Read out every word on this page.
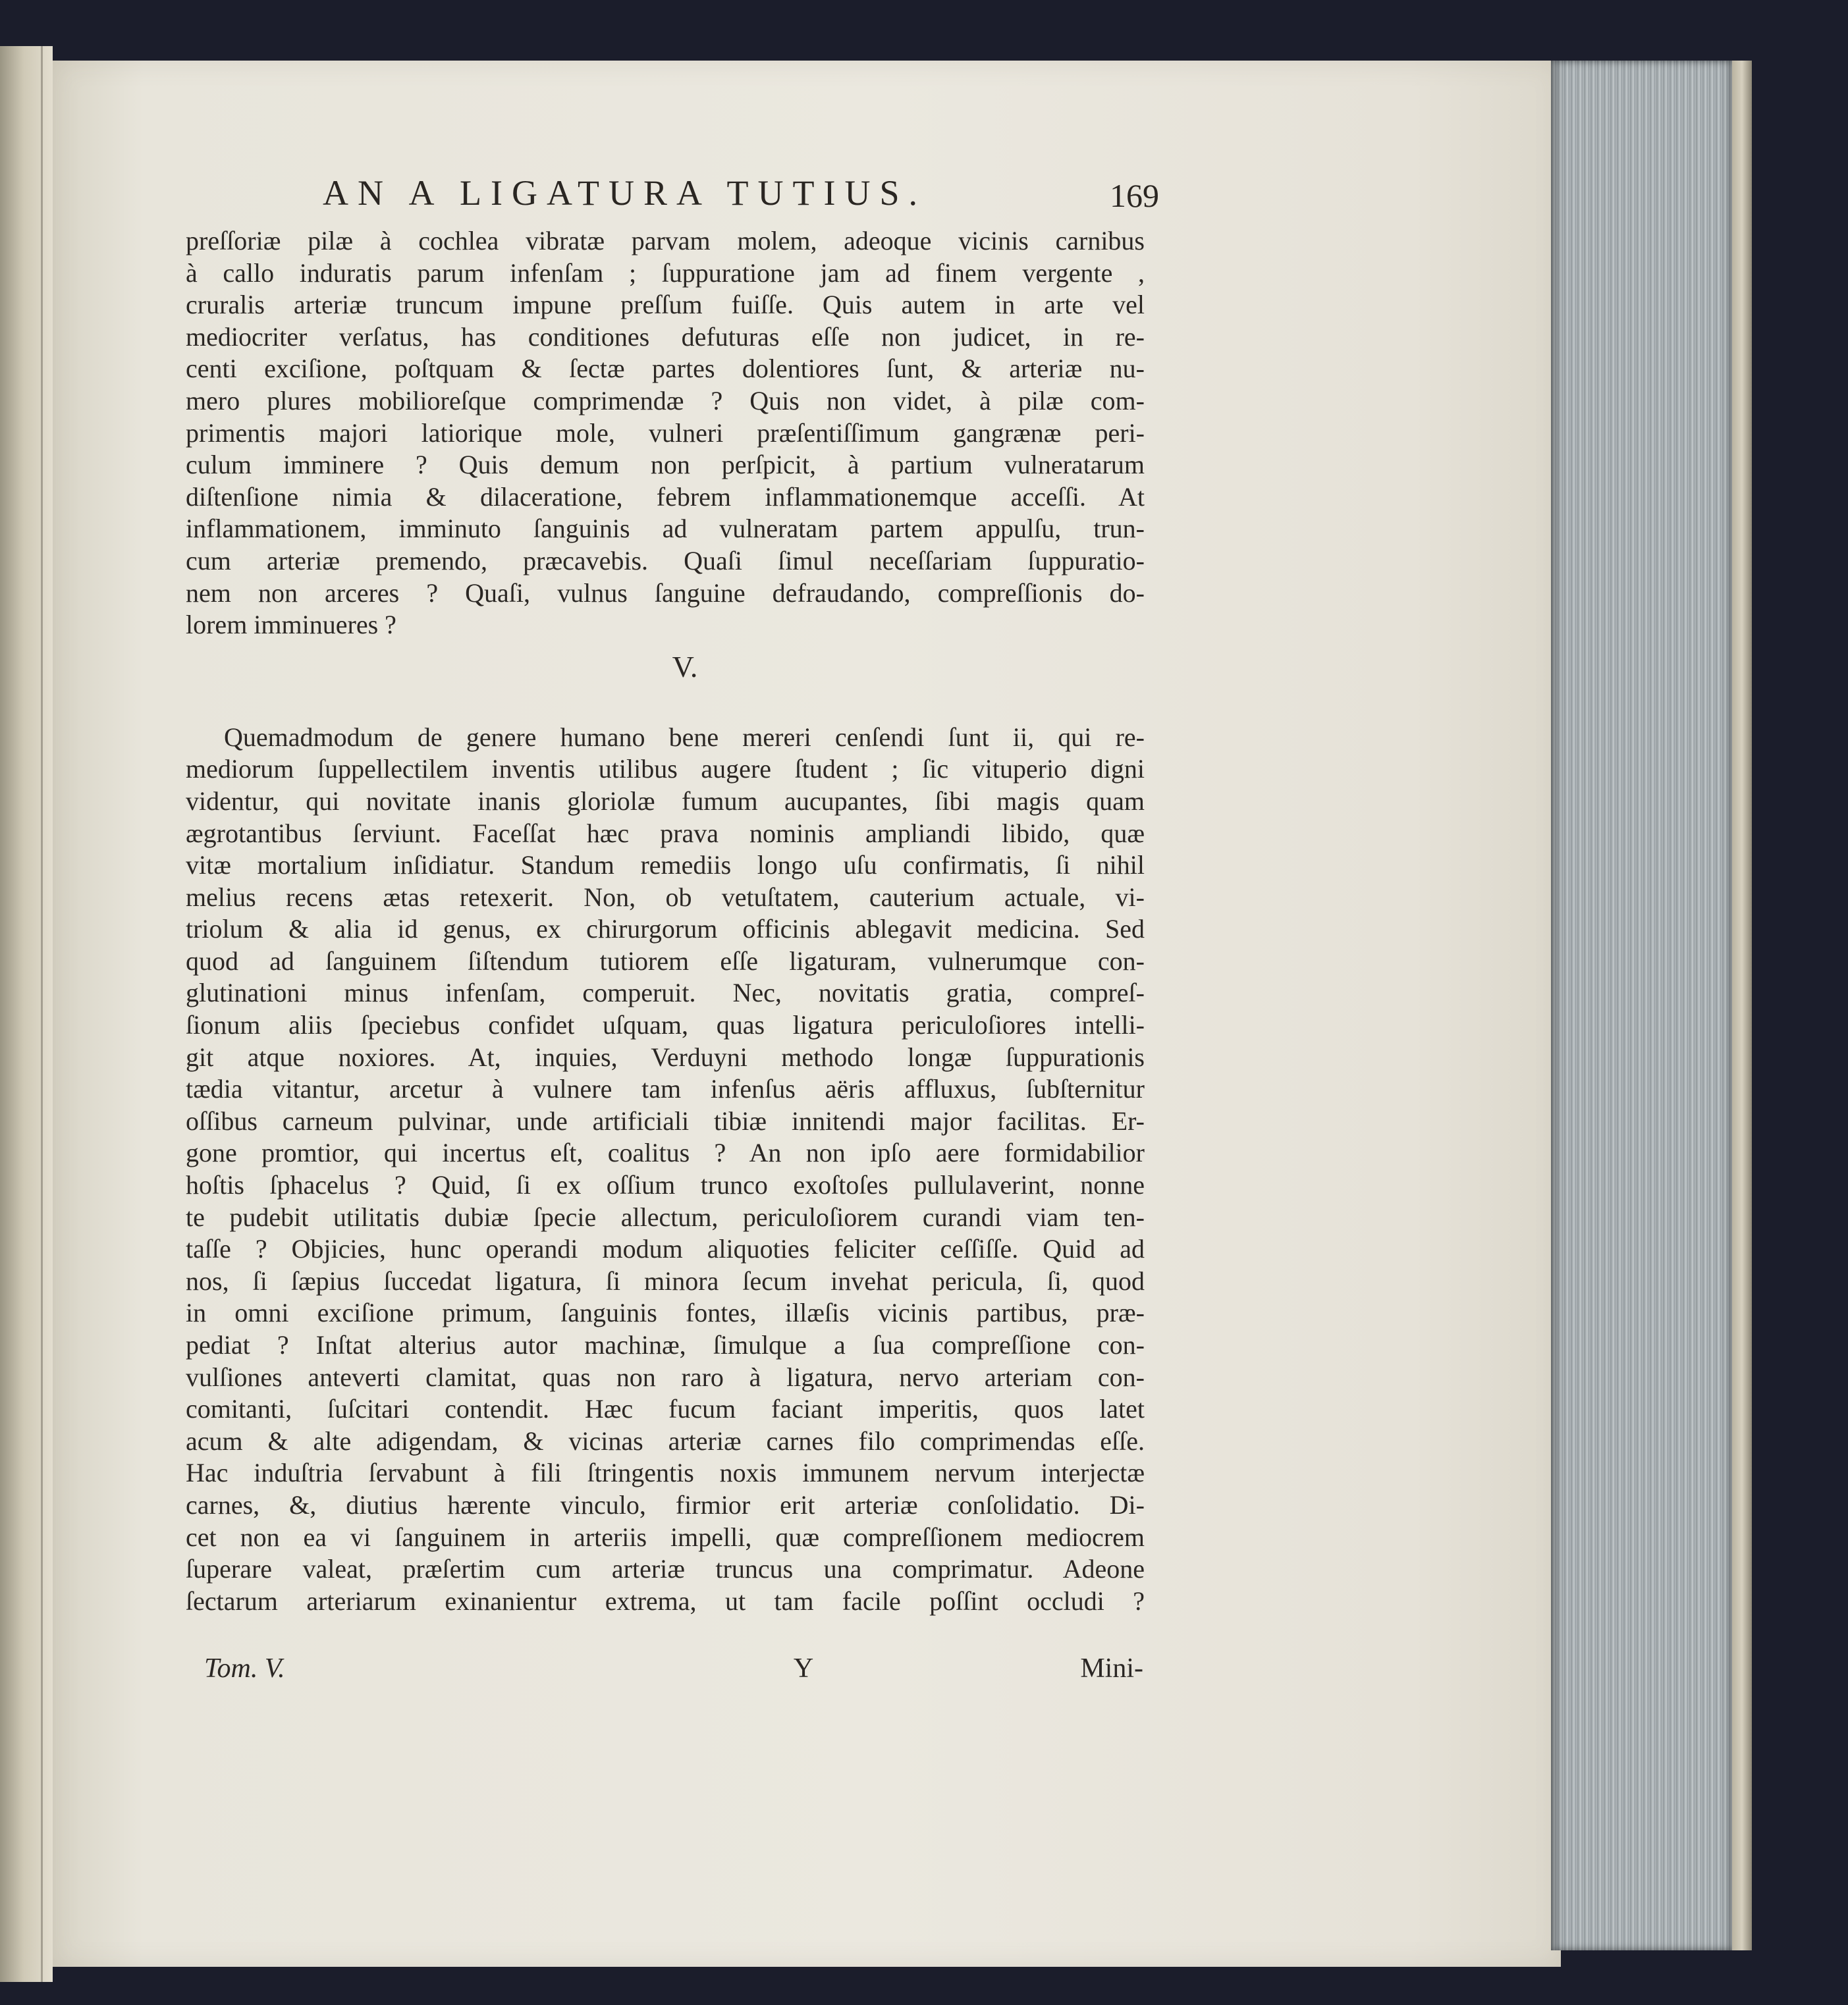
AN A LIGATURA TUTIUS.	169
preſſoriæ pilæ à cochlea vibratæ parvam molem, adeoque vicinis carnibus
à callo induratis parum infenſam ; ſuppuratione jam ad finem vergente ,
cruralis arteriæ truncum impune preſſum fuiſſe. Quis autem in arte vel
mediocriter verſatus, has conditiones defuturas eſſe non judicet, in re-
centi exciſione, poſtquam & ſectæ partes dolentiores ſunt, & arteriæ nu-
mero plures mobilioreſque comprimendæ ? Quis non videt, à pilæ com-
primentis majori latiorique mole, vulneri præſentiſſimum gangrænæ peri-
culum imminere ? Quis demum non perſpicit, à partium vulneratarum
diſtenſione nimia & dilaceratione, febrem inflammationemque acceſſi. At
inflammationem, imminuto ſanguinis ad vulneratam partem appulſu, trun-
cum arteriæ premendo, præcavebis. Quaſi ſimul neceſſariam ſuppuratio-
nem non arceres ? Quaſi, vulnus ſanguine defraudando, compreſſionis do-
lorem imminueres ?
V.
Quemadmodum de genere humano bene mereri cenſendi ſunt ii, qui re-
mediorum ſuppellectilem inventis utilibus augere ſtudent ; ſic vituperio digni
videntur, qui novitate inanis gloriolæ fumum aucupantes, ſibi magis quam
ægrotantibus ſerviunt. Faceſſat hæc prava nominis ampliandi libido, quæ
vitæ mortalium inſidiatur. Standum remediis longo uſu confirmatis, ſi nihil
melius recens ætas retexerit. Non, ob vetuſtatem, cauterium actuale, vi-
triolum & alia id genus, ex chirurgorum officinis ablegavit medicina. Sed
quod ad ſanguinem ſiſtendum tutiorem eſſe ligaturam, vulnerumque con-
glutinationi minus infenſam, comperuit. Nec, novitatis gratia, compreſ-
ſionum aliis ſpeciebus confidet uſquam, quas ligatura periculoſiores intelli-
git atque noxiores. At, inquies, Verduyni methodo longæ ſuppurationis
tædia vitantur, arcetur à vulnere tam infenſus aëris affluxus, ſubſternitur
oſſibus carneum pulvinar, unde artificiali tibiæ innitendi major facilitas. Er-
gone promtior, qui incertus eſt, coalitus ? An non ipſo aere formidabilior
hoſtis ſphacelus ? Quid, ſi ex oſſium trunco exoſtoſes pullulaverint, nonne
te pudebit utilitatis dubiæ ſpecie allectum, periculoſiorem curandi viam ten-
taſſe ? Objicies, hunc operandi modum aliquoties feliciter ceſſiſſe. Quid ad
nos, ſi ſæpius ſuccedat ligatura, ſi minora ſecum invehat pericula, ſi, quod
in omni exciſione primum, ſanguinis fontes, illæſis vicinis partibus, præ-
pediat ? Inſtat alterius autor machinæ, ſimulque a ſua compreſſione con-
vulſiones anteverti clamitat, quas non raro à ligatura, nervo arteriam con-
comitanti, ſuſcitari contendit. Hæc fucum faciant imperitis, quos latet
acum & alte adigendam, & vicinas arteriæ carnes filo comprimendas eſſe.
Hac induſtria ſervabunt à fili ſtringentis noxis immunem nervum interjectæ
carnes, &, diutius hærente vinculo, firmior erit arteriæ conſolidatio. Di-
cet non ea vi ſanguinem in arteriis impelli, quæ compreſſionem mediocrem
ſuperare valeat, præſertim cum arteriæ truncus una comprimatur. Adeone
ſectarum arteriarum exinanientur extrema, ut tam facile poſſint occludi ?
Tom. V.	Y	Mini-
